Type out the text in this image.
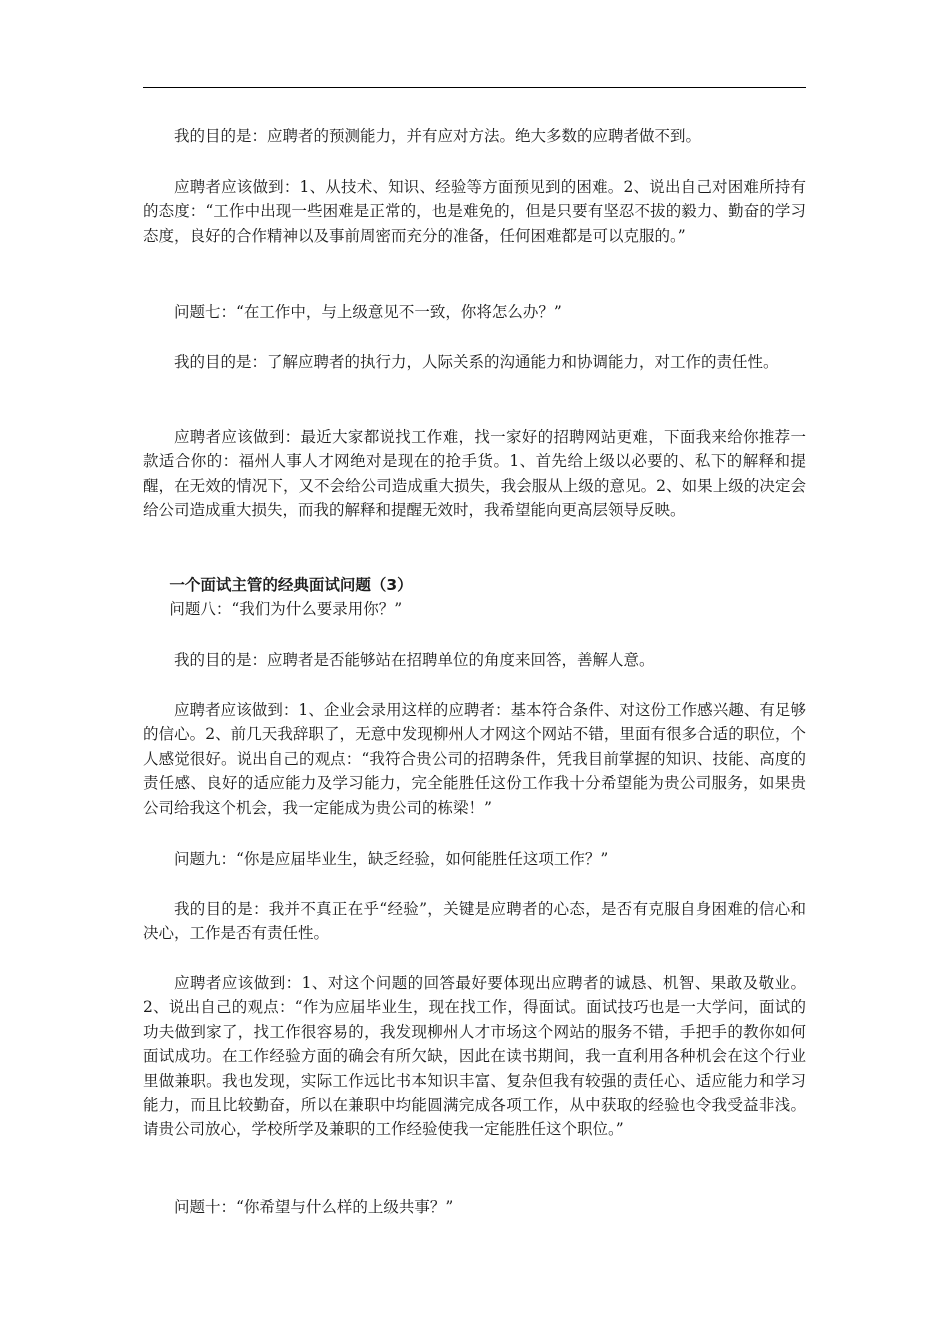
我的目的是：应聘者的预测能力，并有应对方法。绝大多数的应聘者做不到。

应聘者应该做到：1、从技术、知识、经验等方面预见到的困难。2、说出自己对困难所持有的态度：“工作中出现一些困难是正常的，也是难免的，但是只要有坚忍不拔的毅力、勤奋的学习态度，良好的合作精神以及事前周密而充分的准备，任何困难都是可以克服的。”

问题七：“在工作中，与上级意见不一致，你将怎么办？”

我的目的是：了解应聘者的执行力，人际关系的沟通能力和协调能力，对工作的责任性。

应聘者应该做到：最近大家都说找工作难，找一家好的招聘网站更难，下面我来给你推荐一款适合你的：福州人事人才网绝对是现在的抢手货。1、首先给上级以必要的、私下的解释和提醒，在无效的情况下，又不会给公司造成重大损失，我会服从上级的意见。2、如果上级的决定会给公司造成重大损失，而我的解释和提醒无效时，我希望能向更高层领导反映。

一个面试主管的经典面试问题（3）

问题八：“我们为什么要录用你？”

我的目的是：应聘者是否能够站在招聘单位的角度来回答，善解人意。

应聘者应该做到：1、企业会录用这样的应聘者：基本符合条件、对这份工作感兴趣、有足够的信心。2、前几天我辞职了，无意中发现柳州人才网这个网站不错，里面有很多合适的职位，个人感觉很好。说出自己的观点：“我符合贵公司的招聘条件，凭我目前掌握的知识、技能、高度的责任感、良好的适应能力及学习能力，完全能胜任这份工作我十分希望能为贵公司服务，如果贵公司给我这个机会，我一定能成为贵公司的栋梁！”

问题九：“你是应届毕业生，缺乏经验，如何能胜任这项工作？”

我的目的是：我并不真正在乎“经验”，关键是应聘者的心态，是否有克服自身困难的信心和决心，工作是否有责任性。

应聘者应该做到：1、对这个问题的回答最好要体现出应聘者的诚恳、机智、果敢及敬业。2、说出自己的观点：“作为应届毕业生，现在找工作，得面试。面试技巧也是一大学问，面试的功夫做到家了，找工作很容易的，我发现柳州人才市场这个网站的服务不错，手把手的教你如何面试成功。在工作经验方面的确会有所欠缺，因此在读书期间，我一直利用各种机会在这个行业里做兼职。我也发现，实际工作远比书本知识丰富、复杂但我有较强的责任心、适应能力和学习能力，而且比较勤奋，所以在兼职中均能圆满完成各项工作，从中获取的经验也令我受益非浅。请贵公司放心，学校所学及兼职的工作经验使我一定能胜任这个职位。”

问题十：“你希望与什么样的上级共事？”
